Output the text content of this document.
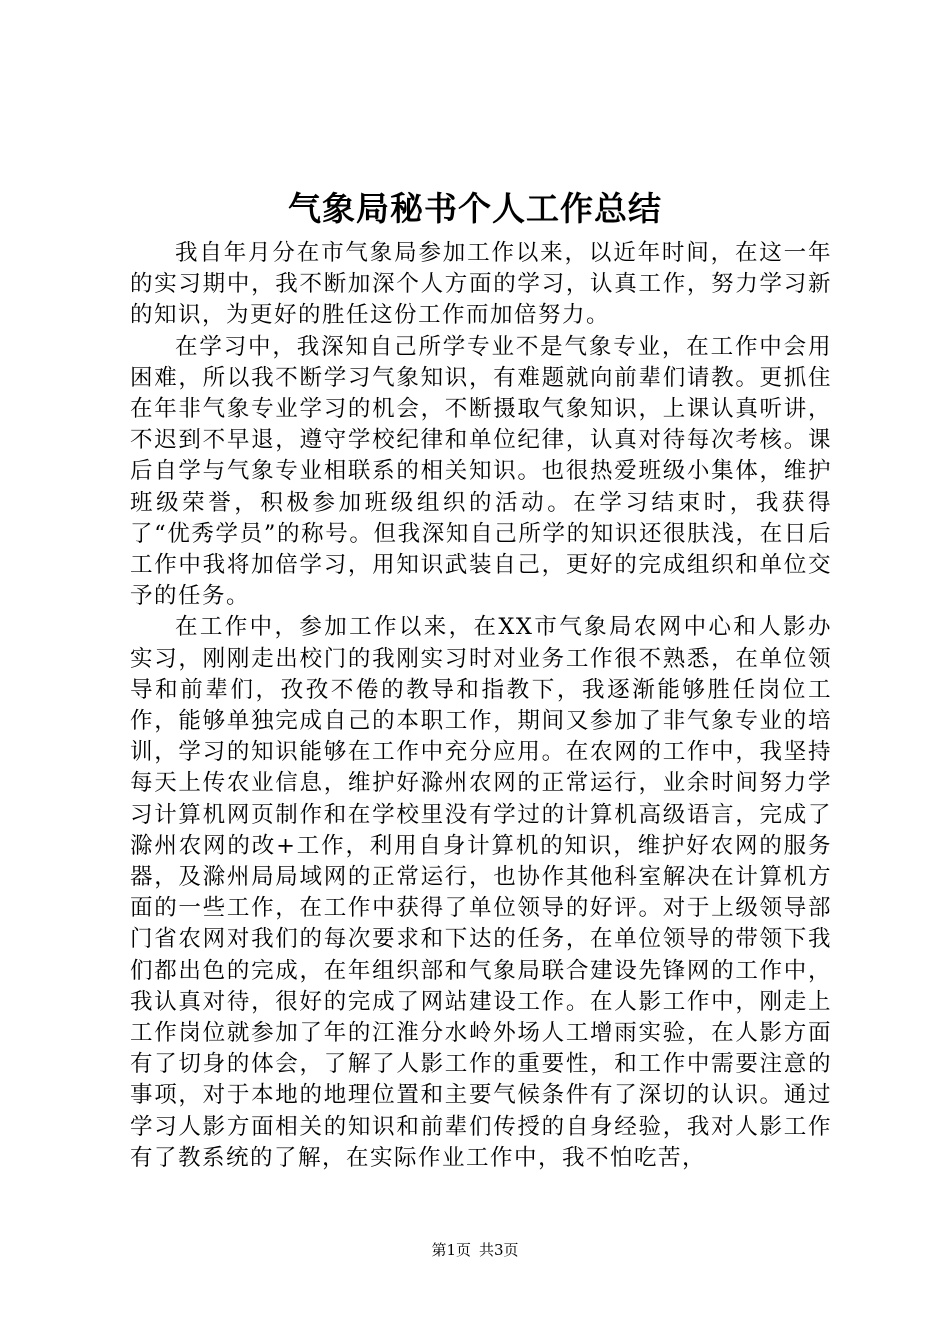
气象局秘书个人工作总结

我自年月分在市气象局参加工作以来，以近年时间，在这一年的实习期中，我不断加深个人方面的学习，认真工作，努力学习新的知识，为更好的胜任这份工作而加倍努力。

在学习中，我深知自己所学专业不是气象专业，在工作中会用困难，所以我不断学习气象知识，有难题就向前辈们请教。更抓住在年非气象专业学习的机会，不断摄取气象知识，上课认真听讲，不迟到不早退，遵守学校纪律和单位纪律，认真对待每次考核。课后自学与气象专业相联系的相关知识。也很热爱班级小集体，维护班级荣誉，积极参加班级组织的活动。在学习结束时，我获得了“优秀学员”的称号。但我深知自己所学的知识还很肤浅，在日后工作中我将加倍学习，用知识武装自己，更好的完成组织和单位交予的任务。

在工作中，参加工作以来，在XX市气象局农网中心和人影办实习，刚刚走出校门的我刚实习时对业务工作很不熟悉，在单位领导和前辈们，孜孜不倦的教导和指教下，我逐渐能够胜任岗位工作，能够单独完成自己的本职工作，期间又参加了非气象专业的培训，学习的知识能够在工作中充分应用。在农网的工作中，我坚持每天上传农业信息，维护好滁州农网的正常运行，业余时间努力学习计算机网页制作和在学校里没有学过的计算机高级语言，完成了滁州农网的改+工作，利用自身计算机的知识，维护好农网的服务器，及滁州局局域网的正常运行，也协作其他科室解决在计算机方面的一些工作，在工作中获得了单位领导的好评。对于上级领导部门省农网对我们的每次要求和下达的任务，在单位领导的带领下我们都出色的完成，在年组织部和气象局联合建设先锋网的工作中，我认真对待，很好的完成了网站建设工作。在人影工作中，刚走上工作岗位就参加了年的江淮分水岭外场人工增雨实验，在人影方面有了切身的体会，了解了人影工作的重要性，和工作中需要注意的事项，对于本地的地理位置和主要气候条件有了深切的认识。通过学习人影方面相关的知识和前辈们传授的自身经验，我对人影工作有了教系统的了解，在实际作业工作中，我不怕吃苦，

第1页 共3页
